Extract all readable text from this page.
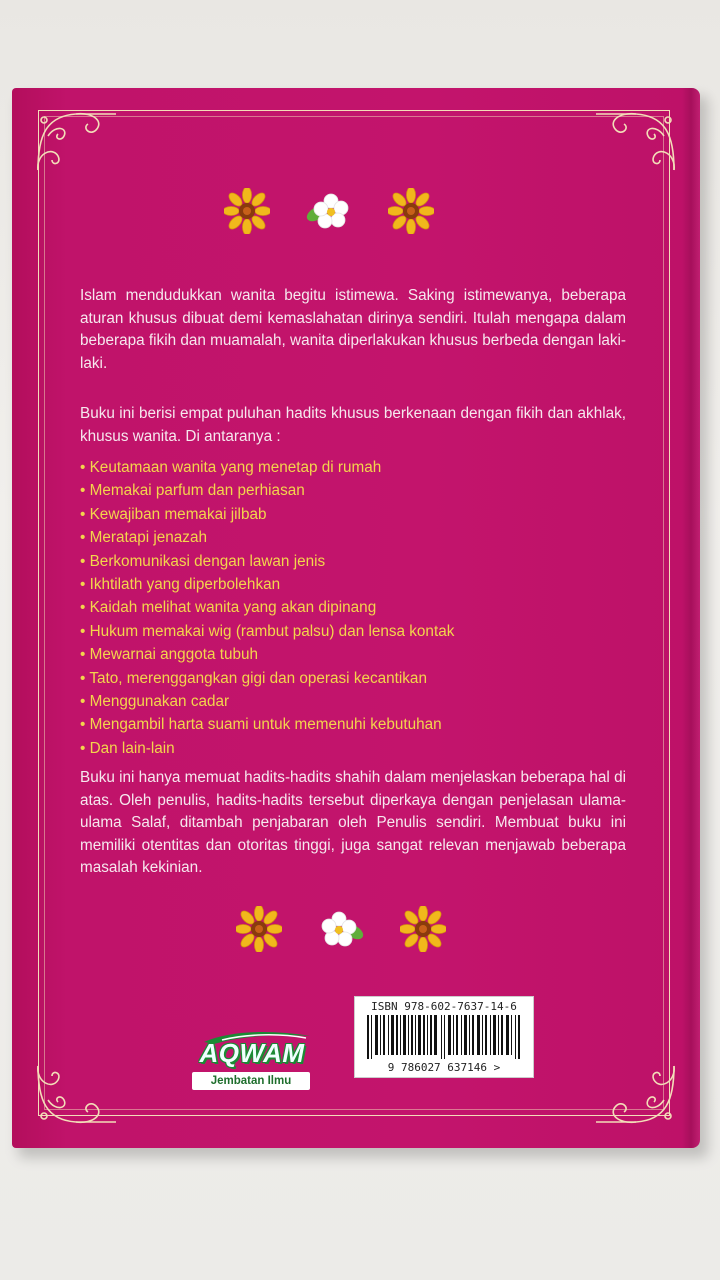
Islam mendudukkan wanita begitu istimewa. Saking istimewanya, beberapa aturan khusus dibuat demi kemaslahatan dirinya sendiri. Itulah mengapa dalam beberapa fikih dan muamalah, wanita diperlakukan khusus berbeda dengan laki-laki.

Buku ini berisi empat puluhan hadits khusus berkenaan dengan fikih dan akhlak, khusus wanita. Di antaranya :

• Keutamaan wanita yang menetap di rumah
• Memakai parfum dan perhiasan
• Kewajiban memakai jilbab
• Meratapi jenazah
• Berkomunikasi dengan lawan jenis
• Ikhtilath yang diperbolehkan
• Kaidah melihat wanita yang akan dipinang
• Hukum memakai wig (rambut palsu) dan lensa kontak
• Mewarnai anggota tubuh
• Tato, merenggangkan gigi dan operasi kecantikan
• Menggunakan cadar
• Mengambil harta suami untuk memenuhi kebutuhan
• Dan lain-lain

Buku ini hanya memuat hadits-hadits shahih dalam menjelaskan beberapa hal di atas. Oleh penulis, hadits-hadits tersebut diperkaya dengan penjelasan ulama-ulama Salaf, ditambah penjabaran oleh Penulis sendiri. Membuat buku ini memiliki otentitas dan otoritas tinggi, juga sangat relevan menjawab beberapa masalah kekinian.

AQWAM
Jembatan Ilmu
ISBN 978-602-7637-14-6
9 786027 637146 >
